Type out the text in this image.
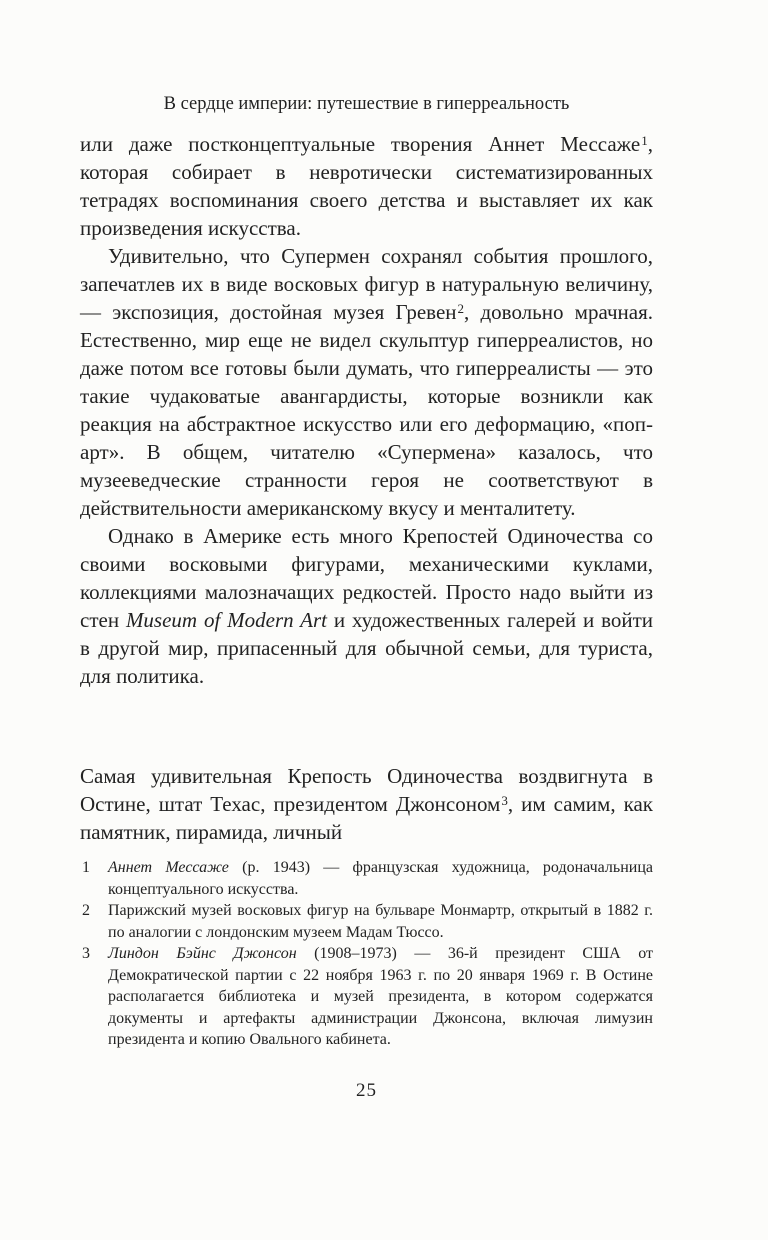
В сердце империи: путешествие в гиперреальность

или даже постконцептуальные творения Аннет Мессаже$^1$, которая собирает в невротически систематизированных тетрадях воспоминания своего детства и выставляет их как произведения искусства.

Удивительно, что Супермен сохранял события прошлого, запечатлев их в виде восковых фигур в натуральную величину, — экспозиция, достойная музея Гревен$^2$, довольно мрачная. Естественно, мир еще не видел скульптур гиперреалистов, но даже потом все готовы были думать, что гиперреалисты — это такие чудаковатые авангардисты, которые возникли как реакция на абстрактное искусство или его деформацию, «поп-арт». В общем, читателю «Супермена» казалось, что музееведческие странности героя не соответствуют в действительности американскому вкусу и менталитету.

Однако в Америке есть много Крепостей Одиночества со своими восковыми фигурами, механическими куклами, коллекциями малозначащих редкостей. Просто надо выйти из стен Museum of Modern Art и художественных галерей и войти в другой мир, припасенный для обычной семьи, для туриста, для политика.

Самая удивительная Крепость Одиночества воздвигнута в Остине, штат Техас, президентом Джонсоном$^3$, им самим, как памятник, пирамида, личный

1 Аннет Мессаже (р. 1943) — французская художница, родоначальница концептуального искусства.

2 Парижский музей восковых фигур на бульваре Монмартр, открытый в 1882 г. по аналогии с лондонским музеем Мадам Тюссо.

3 Линдон Бэйнс Джонсон (1908–1973) — 36-й президент США от Демократической партии с 22 ноября 1963 г. по 20 января 1969 г. В Остине располагается библиотека и музей президента, в котором содержатся документы и артефакты администрации Джонсона, включая лимузин президента и копию Овального кабинета.

25
